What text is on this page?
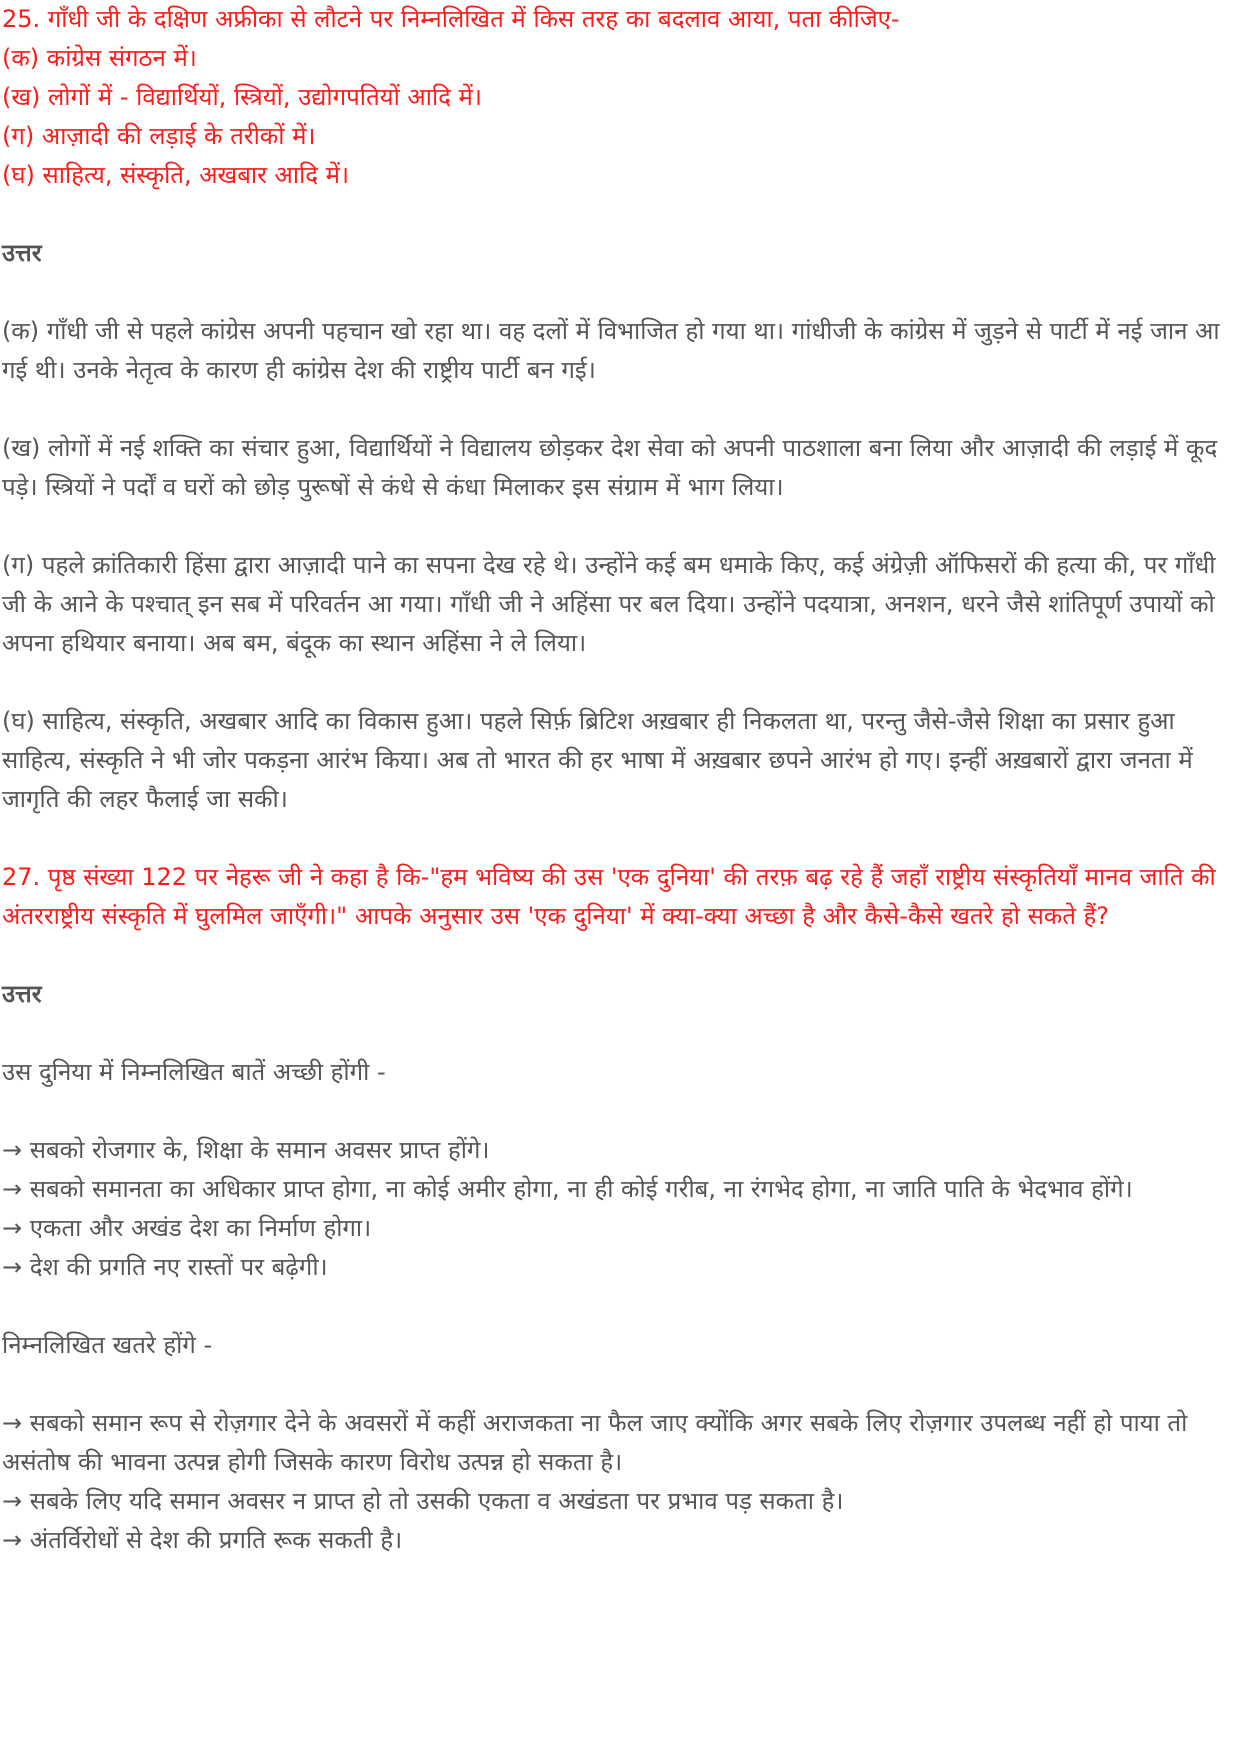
25. गाँधी जी के दक्षिण अफ्रीका से लौटने पर निम्नलिखित में किस तरह का बदलाव आया, पता कीजिए-
(क) कांग्रेस संगठन में।
(ख) लोगों में - विद्यार्थियों, स्त्रियों, उद्योगपतियों आदि में।
(ग) आज़ादी की लड़ाई के तरीकों में।
(घ) साहित्य, संस्कृति, अखबार आदि में।

उत्तर

(क) गाँधी जी से पहले कांग्रेस अपनी पहचान खो रहा था। वह दलों में विभाजित हो गया था। गांधीजी के कांग्रेस में जुड़ने से पार्टी में नई जान आ गई थी। उनके नेतृत्व के कारण ही कांग्रेस देश की राष्ट्रीय पार्टी बन गई।

(ख) लोगों में नई शक्ति का संचार हुआ, विद्यार्थियों ने विद्यालय छोड़कर देश सेवा को अपनी पाठशाला बना लिया और आज़ादी की लड़ाई में कूद पड़े। स्त्रियों ने पर्दों व घरों को छोड़ पुरूषों से कंधे से कंधा मिलाकर इस संग्राम में भाग लिया।

(ग) पहले क्रांतिकारी हिंसा द्वारा आज़ादी पाने का सपना देख रहे थे। उन्होंने कई बम धमाके किए, कई अंग्रेज़ी ऑफिसरों की हत्या की, पर गाँधी जी के आने के पश्चात् इन सब में परिवर्तन आ गया। गाँधी जी ने अहिंसा पर बल दिया। उन्होंने पदयात्रा, अनशन, धरने जैसे शांतिपूर्ण उपायों को अपना हथियार बनाया। अब बम, बंदूक का स्थान अहिंसा ने ले लिया।

(घ) साहित्य, संस्कृति, अखबार आदि का विकास हुआ। पहले सिर्फ़ ब्रिटिश अख़बार ही निकलता था, परन्तु जैसे-जैसे शिक्षा का प्रसार हुआ साहित्य, संस्कृति ने भी जोर पकड़ना आरंभ किया। अब तो भारत की हर भाषा में अख़बार छपने आरंभ हो गए। इन्हीं अख़बारों द्वारा जनता में जागृति की लहर फैलाई जा सकी।

27. पृष्ठ संख्या 122 पर नेहरू जी ने कहा है कि-"हम भविष्य की उस 'एक दुनिया' की तरफ़ बढ़ रहे हैं जहाँ राष्ट्रीय संस्कृतियाँ मानव जाति की अंतरराष्ट्रीय संस्कृति में घुलमिल जाएँगी।" आपके अनुसार उस 'एक दुनिया' में क्या-क्या अच्छा है और कैसे-कैसे खतरे हो सकते हैं?

उत्तर

उस दुनिया में निम्नलिखित बातें अच्छी होंगी -

→ सबको रोजगार के, शिक्षा के समान अवसर प्राप्त होंगे।
→ सबको समानता का अधिकार प्राप्त होगा, ना कोई अमीर होगा, ना ही कोई गरीब, ना रंगभेद होगा, ना जाति पाति के भेदभाव होंगे।
→ एकता और अखंड देश का निर्माण होगा।
→ देश की प्रगति नए रास्तों पर बढ़ेगी।

निम्नलिखित खतरे होंगे -

→ सबको समान रूप से रोज़गार देने के अवसरों में कहीं अराजकता ना फैल जाए क्योंकि अगर सबके लिए रोज़गार उपलब्ध नहीं हो पाया तो असंतोष की भावना उत्पन्न होगी जिसके कारण विरोध उत्पन्न हो सकता है।
→ सबके लिए यदि समान अवसर न प्राप्त हो तो उसकी एकता व अखंडता पर प्रभाव पड़ सकता है।
→ अंतर्विरोधों से देश की प्रगति रूक सकती है।
